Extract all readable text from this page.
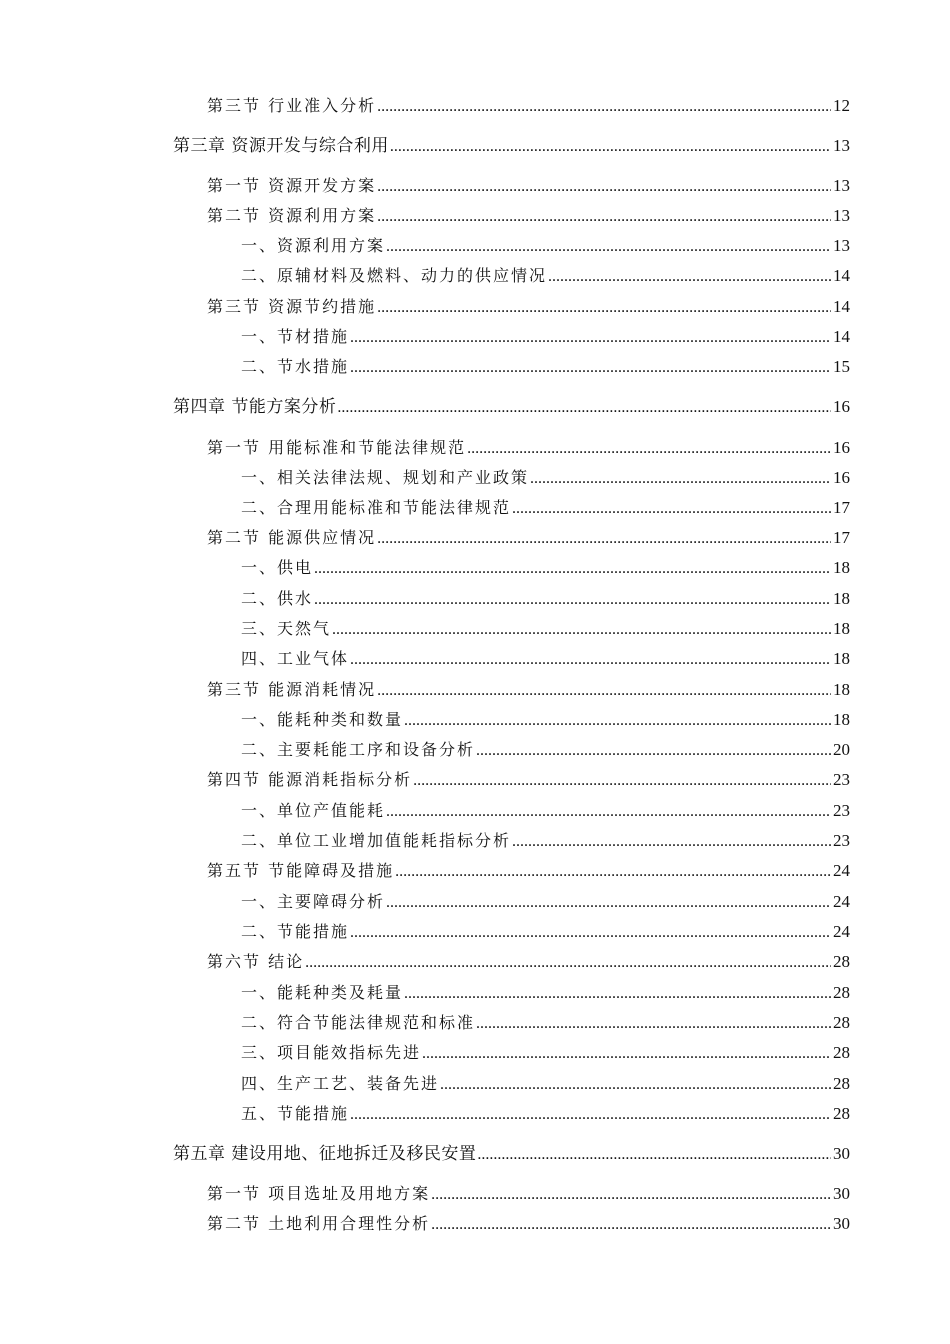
第三节 行业准入分析 .....	12
第三章 资源开发与综合利用 .....	13
第一节 资源开发方案 .....	13
第二节 资源利用方案 .....	13
一、资源利用方案 .....	13
二、原辅材料及燃料、动力的供应情况 .....	14
第三节 资源节约措施 .....	14
一、节材措施 .....	14
二、节水措施 .....	15
第四章 节能方案分析 .....	16
第一节 用能标准和节能法律规范 .....	16
一、相关法律法规、规划和产业政策 .....	16
二、合理用能标准和节能法律规范 .....	17
第二节 能源供应情况 .....	17
一、供电 .....	18
二、供水 .....	18
三、天然气 .....	18
四、工业气体 .....	18
第三节 能源消耗情况 .....	18
一、能耗种类和数量 .....	18
二、主要耗能工序和设备分析 .....	20
第四节 能源消耗指标分析 .....	23
一、单位产值能耗 .....	23
二、单位工业增加值能耗指标分析 .....	23
第五节 节能障碍及措施 .....	24
一、主要障碍分析 .....	24
二、节能措施 .....	24
第六节 结论 .....	28
一、能耗种类及耗量 .....	28
二、符合节能法律规范和标准 .....	28
三、项目能效指标先进 .....	28
四、生产工艺、装备先进 .....	28
五、节能措施 .....	28
第五章 建设用地、征地拆迁及移民安置 .....	30
第一节 项目选址及用地方案 .....	30
第二节 土地利用合理性分析 .....	30
